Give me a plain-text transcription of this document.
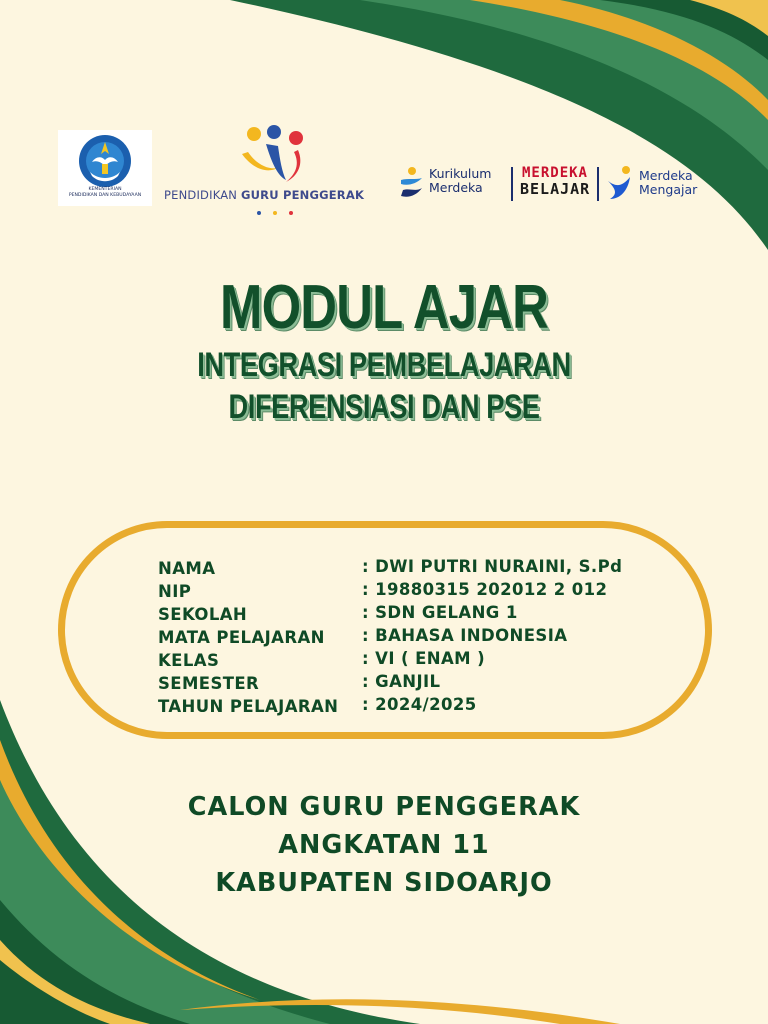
KEMENTERIAN
PENDIDIKAN DAN KEBUDAYAAN	PENDIDIKAN GURU PENGGERAK
Kurikulum
Merdeka
MERDEKA
BELAJAR
Merdeka
Mengajar
MODUL AJAR
INTEGRASI PEMBELAJARAN
DIFERENSIASI DAN PSE
NAMA	: DWI PUTRI NURAINI, S.Pd
NIP	: 19880315 202012 2 012
SEKOLAH	: SDN GELANG 1
MATA PELAJARAN : BAHASA INDONESIA
KELAS	: VI ( ENAM )
SEMESTER	: GANJIL
TAHUN PELAJARAN : 2024/2025
CALON GURU PENGGERAK
ANGKATAN 11
KABUPATEN SIDOARJO
